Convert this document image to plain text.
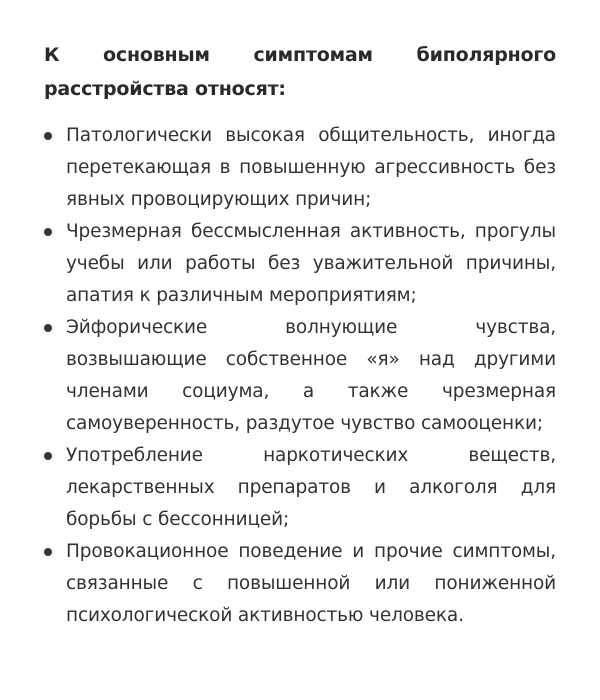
К основным симптомам биполярного расстройства относят:

Патологически высокая общительность, иногда перетекающая в повышенную агрессивность без явных провоцирующих причин;
Чрезмерная бессмысленная активность, прогулы учебы или работы без уважительной причины, апатия к различным мероприятиям;
Эйфорические волнующие чувства, возвышающие собственное «я» над другими членами социума, а также чрезмерная самоуверенность, раздутое чувство самооценки;
Употребление наркотических веществ, лекарственных препаратов и алкоголя для борьбы с бессонницей;
Провокационное поведение и прочие симптомы, связанные с повышенной или пониженной психологической активностью человека.
